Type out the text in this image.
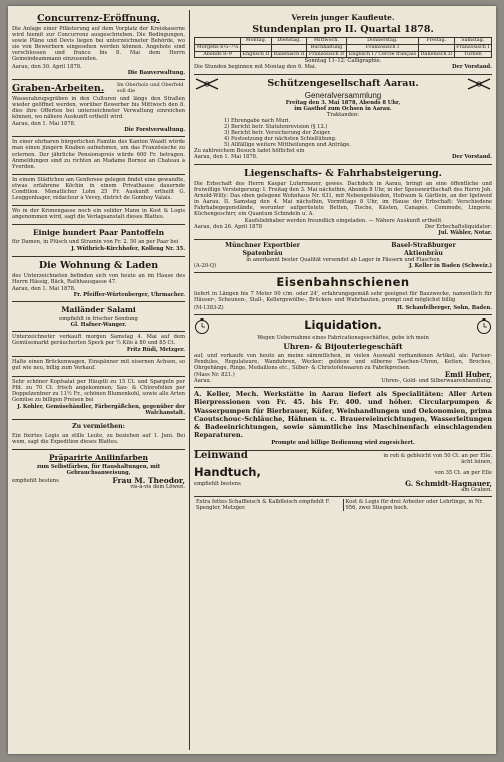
Concurrenz-Eröffnung.

Die Anlage einer Pflästerung auf dem Vorplatz der Kreiskaserne wird hiemit zur Concurrenz ausgeschrieben. Die Bedingungen, sowie Pläne und Devis liegen bei unterzeichneter Behörde, wo sie von Bewerbern eingesehen werden können. Angebote sind verschlossen und franco bis 8. Mai dem Herrn Gemeindeammann einzusenden.

Aarau, den 30. April 1878.
Die Bauverwaltung.
Graben-Arbeiten.	Im Oberholz und Oberfeld soll die

Wasserabzugsgräben in den Culturen und längs den Straßen wieder geöffnet werden, worüber Bewerber bis Mittwoch den 8. dies ihre Offerten bei unterzeichneter Verwaltung einreichen können, wo nähere Auskunft ertheilt wird.

Aarau, den 1. Mai 1878.
Die Forstverwaltung.

In einer ehrbaren bürgerlichen Familie des Kanton Waadt würde man einen jüngern Knaben aufnehmen, um das Französische zu erlernen. Der jährliche Pensionspreis würde 600 Fr. betragen. Anmeldungen sind zu richten an Madame Bornoz an Chateau à Yverdon.

In einem Städtchen am Genfersee gelegen findet eine gewandte, etwas erfahrene Köchin in einem Privathause dauernde Condition. Monatlicher Lohn 25 Fr. Auskunft ertheilt G. Leuggenhager, rédacteur à Vevey, district de Gomboy Valais.

Wo in der Kronengasse noch ein solider Mann in Kost & Logis angenommen wird, sagt die Verlagsanstalt dieses Blattes.

Einige hundert Paar Pantoffeln

für Damen, in Plüsch und Stramin von Fr. 2. 50 an per Paar bei

J. Wüthrich-Kirchhofer, Kolleng Nr. 35.
Die Wohnung & Laden

des Unterzeichneten befinden sich von heute an im Hause des Herrn Hässig, Bäck, Rathhausgasse 47.

Aarau, den 1. Mai 1878.
Fr. Pfeiffer-Würtenberger, Uhrmacher.
Mailänder Salami
empfiehlt in frischer Sendung
Gl. Hafner-Wanger.

Unterzeichneter verkauft morgen Samstag 4. Mai auf dem Gemüsemarkt geräucherten Speck per ½ Kilo à 80 und 85 Ct.

Fritz Rüdi, Metzger.

Halte einen Brückenwagen, Einspänner mit eisernen Achsen, so gut wie neu, billig zum Verkauf.

Sehr schöner Kopfsalat per Häuptli zu 15 Ct. und Spargeln per Pfd. zu 70 Ct. frisch angekommen; Sau- & Chlorofolien per Doppelzentner zu 11½ Fr., schönen Blumenkohl, sowie alle Arten Gemüse zu billigen Preisen bei

J. Kohler, Gemüsehändler, Färbergäßchen, gegenüber der Walchanstalt.
Zu vermiethen:

Ein fixirtes Logis an stille Leute, zu beziehen auf 1. Juni. Bei wem, sagt die Expedition dieses Blattes.

Präparirte Anilinfarben
zum Selbstfärben, für Haushaltungen, mit Gebrauchsanweisung,
empfiehlt bestens	Frau M. Theodor,
vis-à-vis dem Löwen.
Verein junger Kaufleute.
Stundenplan pro II. Quartal 1878.
	Montag.	Dienstag.	Mittwoch.	Donnerstag.	Freitag.	Samstag.
Morgens 6¼–7¼			Buchhaltung	Französisch I		Französisch I
Abends 8–9	Englisch II	Italienisch II	Französisch II	Englisch I / Cercle français	Italienisch II	Turnen
Sonntag 11–12: Calligraphie.
Die Stunden beginnen mit Montag den 6. Mai.	Der Vorstand.
Schützengesellschaft Aarau.
Generalversammlung
Freitag den 3. Mai 1878, Abends 8 Uhr,
im Gasthof zum Ochsen in Aarau.
Traktanden:
1) Ehrengabe nach Muri.
2) Bericht betr. Statutenrevision (§ 12.)
3) Bericht betr. Versicherung der Zeiger.
4) Festsetzung der nächsten Schießübung.
5) Allfällige weitere Mittheilungen und Anträge.
Zu zahlreichem Besuch ladet höflichst ein
Aarau, den 1. Mai 1878.	Der Vorstand.
Liegenschafts- & Fahrhabsteigerung.

Die Erbschaft des Herrn Kaspar Lutermauer, gewes. Dachdeck in Aarau, bringt an eine öffentliche und freiwillige Versteigerung: I. Freitag den 3. Mai nächsthin, Abends 8 Uhr, in der Speisewirthschaft des Herrn Joh. Arnold-Willy: Das oben gelegene Wohnhaus Nr. 631, mit Nebengebäuden, Hofraum & Gärtlein, an der Igelweid in Aarau. II. Samstag den 4. Mai nächsthin, Vormittags 8 Uhr, im Hause der Erbschaft: Verschiedene Fahrhabegegenstände, worunter aufgerüstete Betten, Tische, Kästen, Canapés, Commode, Lingerie, Küchengeschirr, ein Quantum Schindeln u. A.

Kaufsliebhaber werden freundlich eingeladen. — Nähere Auskunft ertheilt
Aarau, den 26. April 1878	Der Erbschaftsliquidator:
Jul. Wähler, Notar.
Münchner Exportbier
Spatenbräu
Basel-Straßburger
Aktienbräu
in anerkannt bester Qualität versendet ab Lager in Fässern und Flaschen
(A-20-Q)	J. Keller in Baden (Schweiz.)
Eisenbahnschienen

liefert in Längen bis 7 Meter 90 c/m. oder 24', erfahrungsgemäß sehr geeignet für Bauzwecke, namentlich für Häuser-, Scheunen-, Stall-, Kellergewölbe-, Brücken- und Wuhrbauten, prompt und möglichst billig

(M-1383-Z)	H. Schaufelberger, Sohn, Baden.
Liquidation.
Wegen Uebernahme eines Fabricationsgeschäftes, gebe ich mein
Uhren- & Bijouteriegeschäft

auf, und verkaufe von heute an meine sämmtlichen, in vielen Auswahl vorhandenen Artikel, als: Pariser-Pendules, Regulateure, Wanduhren, Wecker; goldene und silberne Taschen-Uhren, Ketten, Broches, Ohrgehänge, Ringe, Medaillons etc., Silber- & Christofelwaaren zu Fabrikpreisen.

(Mass Nr. 821.)	Emil Huber,
Aarau.	Uhren-, Gold- und Silberwaarenhandlung.

A. Keller, Mech. Werkstätte in Aarau liefert als Specialitäten: Aller Arten Bierpressionen von Fr. 45. bis Fr. 400. und höher. Circularpumpen & Wasserpumpen für Bierbrauer, Küfer, Weinhandlungen und Oekonomien, prima Caoutschouc-Schläuche, Hähnen u. c. Brauereieinrichtungen, Wasserleitungen & Badeeinrichtungen, sowie sämmtliche ins Maschinenfach einschlagenden Reparaturen.

Prompte und billige Bedienung wird zugesichert.
Leinwand	in roh & gebleicht von 50 Ct. an per Elle,
ächt leinen,
Handtuch,	von 35 Ct. an per Elle
empfiehlt bestens	G. Schmidt-Hagnauer,
am Graben.
Extra fettes Schaffleisch & Kalbfleisch empfiehlt F. Spengler, Metzger.
Kost & Logis für drei Arbeiter oder Lehrlinge, in Nr. 956, zwei Stiegen hoch.
